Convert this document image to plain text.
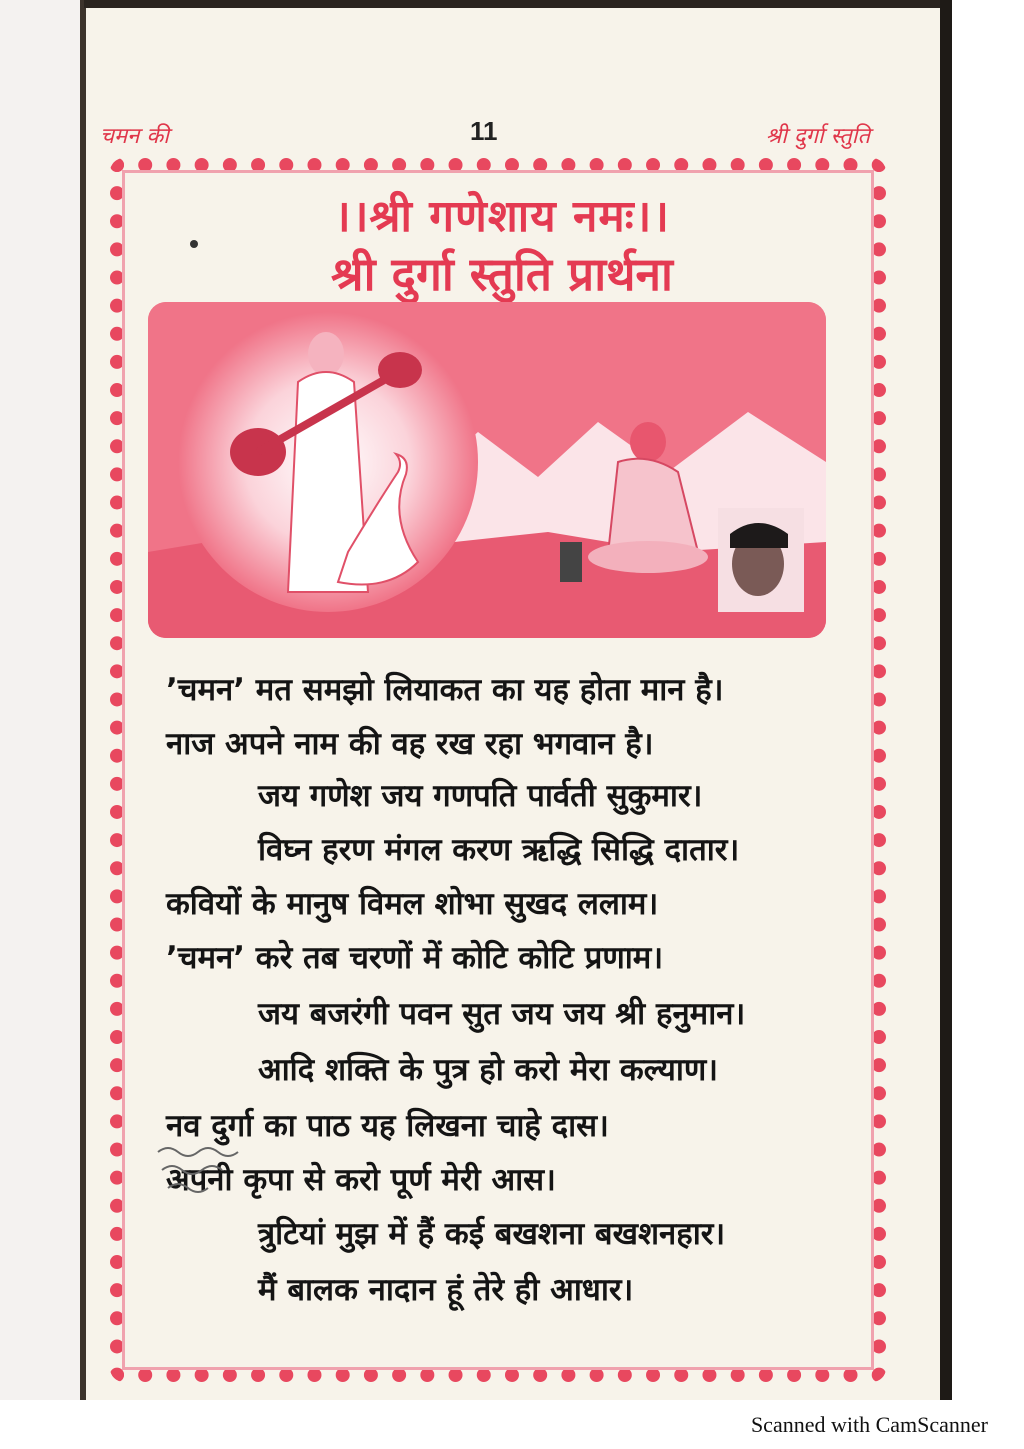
चमन की	11	श्री दुर्गा स्तुति
।।श्री गणेशाय नमः।।
श्री दुर्गा स्तुति प्रार्थना
’चमन’ मत समझो लियाकत का यह होता मान है।
नाज अपने नाम की वह रख रहा भगवान है।
जय गणेश जय गणपति पार्वती सुकुमार।
विघ्न हरण मंगल करण ऋद्धि सिद्धि दातार।
कवियों के मानुष विमल शोभा सुखद ललाम।
’चमन’ करे तब चरणों में कोटि कोटि प्रणाम।
जय बजरंगी पवन सुत जय जय श्री हनुमान।
आदि शक्ति के पुत्र हो करो मेरा कल्याण।
नव दुर्गा का पाठ यह लिखना चाहे दास।
अपनी कृपा से करो पूर्ण मेरी आस।
त्रुटियां मुझ में हैं कई बखशना बखशनहार।
मैं बालक नादान हूं तेरे ही आधार।
Scanned with CamScanner
